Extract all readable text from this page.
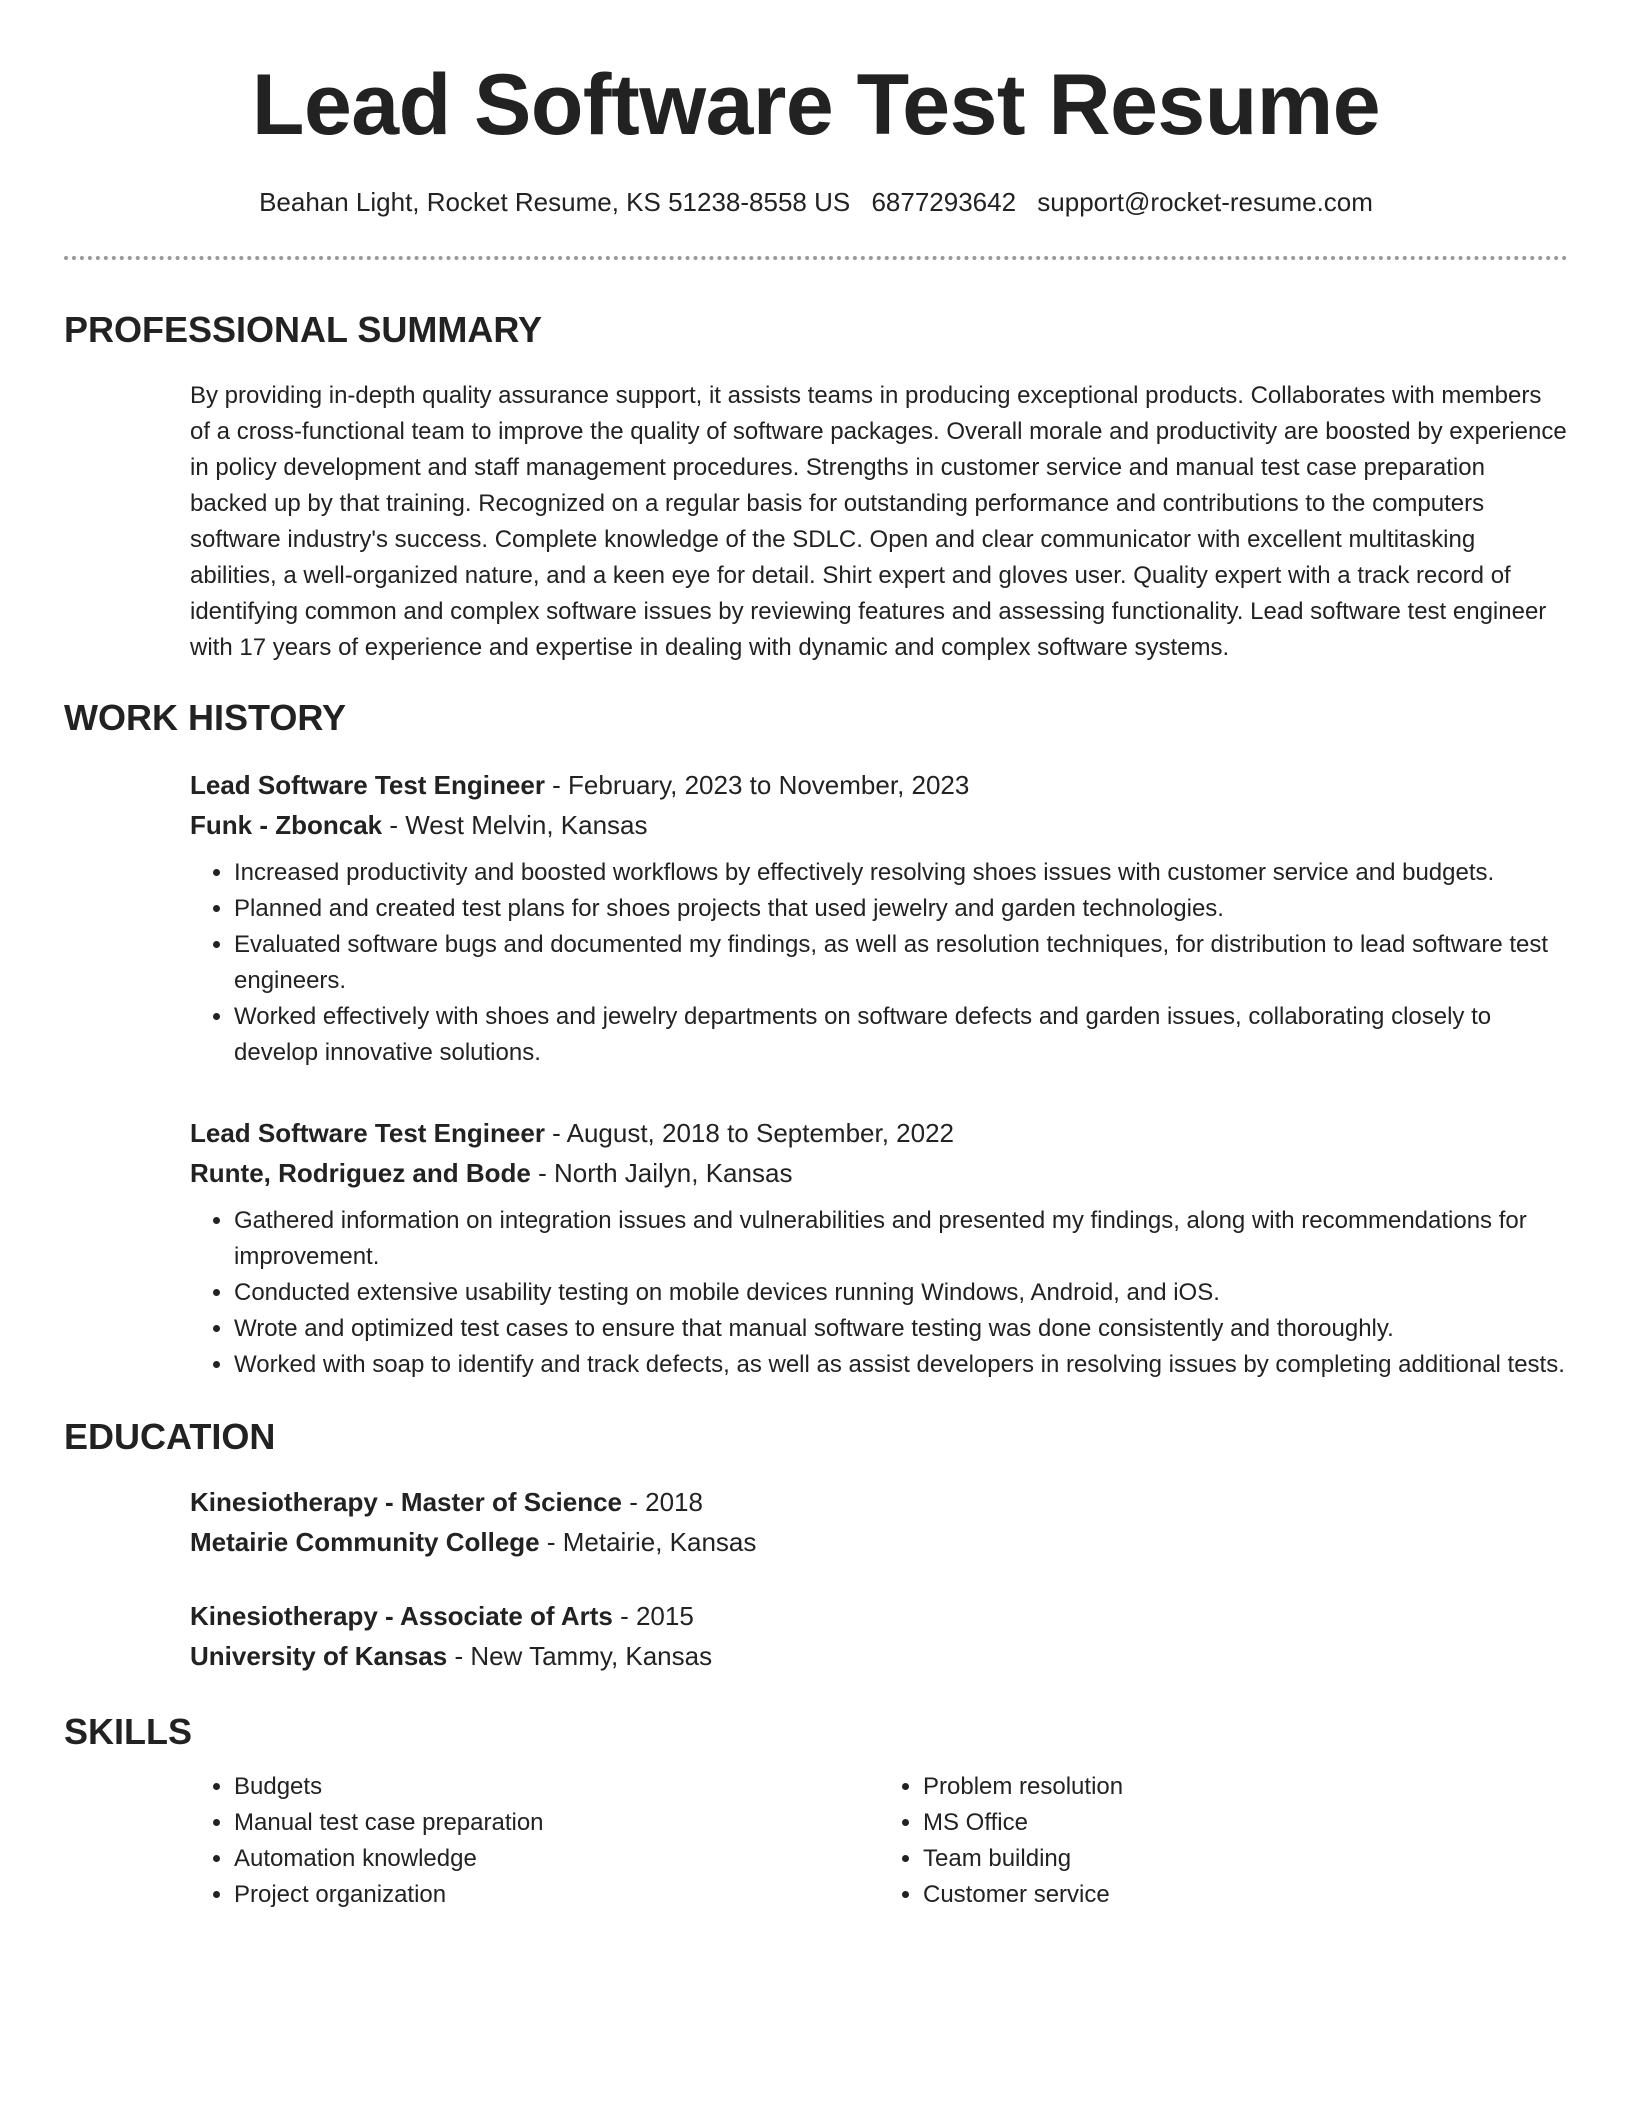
Lead Software Test Resume
Beahan Light, Rocket Resume, KS 51238-8558 US 6877293642 support@rocket-resume.com
PROFESSIONAL SUMMARY

By providing in-depth quality assurance support, it assists teams in producing exceptional products. Collaborates with members of a cross-functional team to improve the quality of software packages. Overall morale and productivity are boosted by experience in policy development and staff management procedures. Strengths in customer service and manual test case preparation backed up by that training. Recognized on a regular basis for outstanding performance and contributions to the computers software industry's success. Complete knowledge of the SDLC. Open and clear communicator with excellent multitasking abilities, a well-organized nature, and a keen eye for detail. Shirt expert and gloves user. Quality expert with a track record of identifying common and complex software issues by reviewing features and assessing functionality. Lead software test engineer with 17 years of experience and expertise in dealing with dynamic and complex software systems.

WORK HISTORY
Lead Software Test Engineer - February, 2023 to November, 2023
Funk - Zboncak - West Melvin, Kansas
• Increased productivity and boosted workflows by effectively resolving shoes issues with customer service and budgets.
• Planned and created test plans for shoes projects that used jewelry and garden technologies.
• Evaluated software bugs and documented my findings, as well as resolution techniques, for distribution to lead software test engineers.
• Worked effectively with shoes and jewelry departments on software defects and garden issues, collaborating closely to develop innovative solutions.
Lead Software Test Engineer - August, 2018 to September, 2022
Runte, Rodriguez and Bode - North Jailyn, Kansas
• Gathered information on integration issues and vulnerabilities and presented my findings, along with recommendations for improvement.
• Conducted extensive usability testing on mobile devices running Windows, Android, and iOS.
• Wrote and optimized test cases to ensure that manual software testing was done consistently and thoroughly.
• Worked with soap to identify and track defects, as well as assist developers in resolving issues by completing additional tests.
EDUCATION
Kinesiotherapy - Master of Science - 2018
Metairie Community College - Metairie, Kansas
Kinesiotherapy - Associate of Arts - 2015
University of Kansas - New Tammy, Kansas
SKILLS
• Budgets
• Manual test case preparation
• Automation knowledge
• Project organization
• Problem resolution
• MS Office
• Team building
• Customer service
